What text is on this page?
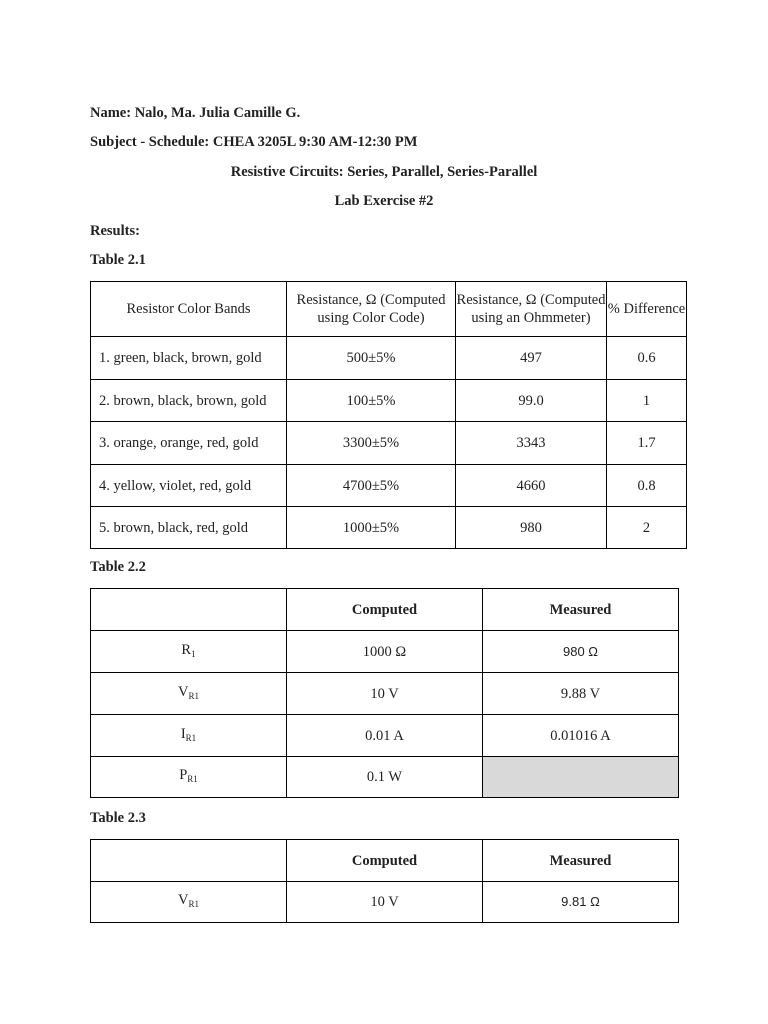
Name: Nalo, Ma. Julia Camille G.
Subject - Schedule: CHEA 3205L 9:30 AM-12:30 PM
Resistive Circuits: Series, Parallel, Series-Parallel
Lab Exercise #2
Results:
Table 2.1
Resistor Color Bands	Resistance, Ω (Computed using Color Code)	Resistance, Ω (Computed using an Ohmmeter)	% Difference
1. green, black, brown, gold	500±5%	497	0.6
2. brown, black, brown, gold	100±5%	99.0	1
3. orange, orange, red, gold	3300±5%	3343	1.7
4. yellow, violet, red, gold	4700±5%	4660	0.8
5. brown, black, red, gold	1000±5%	980	2
Table 2.2
	Computed	Measured
$R_1$	1000 Ω	980 Ω
$V_{R1}$	10 V	9.88 V
$I_{R1}$	0.01 A	0.01016 A
$P_{R1}$	0.1 W	
Table 2.3
	Computed	Measured
$V_{R1}$	10 V	9.81 Ω
